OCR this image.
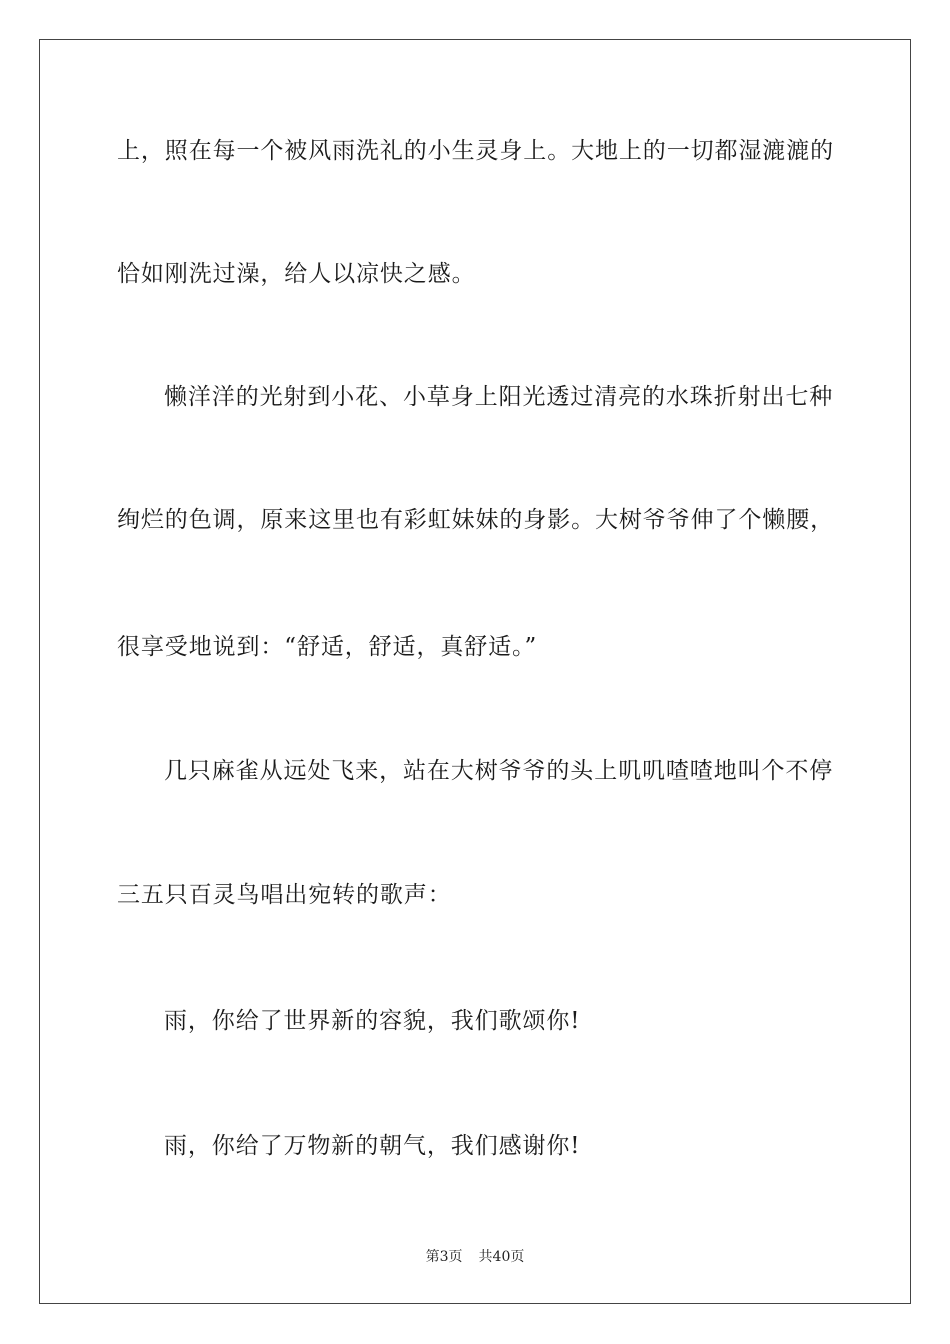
上，照在每一个被风雨洗礼的小生灵身上。大地上的一切都湿漉漉的
恰如刚洗过澡，给人以凉快之感。
懒洋洋的光射到小花、小草身上阳光透过清亮的水珠折射出七种
绚烂的色调，原来这里也有彩虹妹妹的身影。大树爷爷伸了个懒腰，
很享受地说到：“舒适，舒适，真舒适。”
几只麻雀从远处飞来，站在大树爷爷的头上叽叽喳喳地叫个不停
三五只百灵鸟唱出宛转的歌声：
雨，你给了世界新的容貌，我们歌颂你!
雨，你给了万物新的朝气，我们感谢你!
第3页 共40页
